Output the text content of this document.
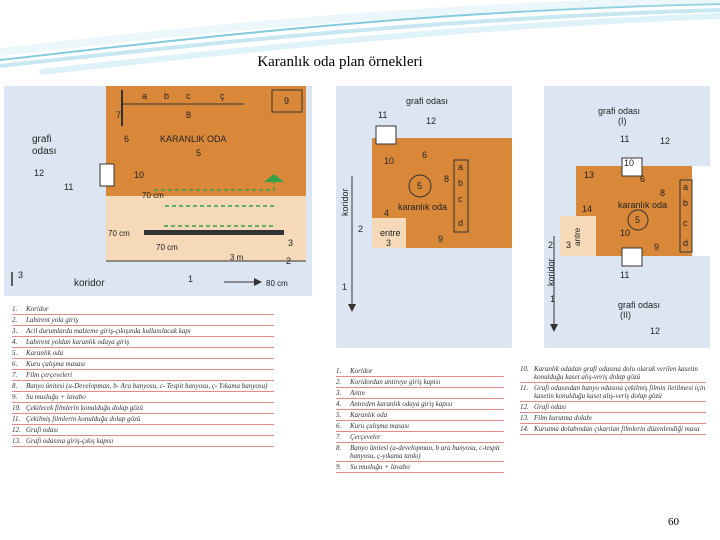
Karanlık oda plan örnekleri
a b c	ç	9
7	8
6	KARANLIK ODA
5
grafi
odası
12	10
11
70 cm
70 cm
70 cm	3
3 m	2
3
koridor	1	80 cm
1.	Koridor
2.	Labirent yola giriş
3.	Acil durumlarda malzeme giriş-çıkışında kullanılacak kapı
4.	Labirent yoldan karanlık odaya giriş
5.	Karanlık oda
6.	Kuru çalışma masası
7.	Film çerçeveleri
8.	Banyo ünitesi (a-Developman, b- Ara banyosu, c- Tespit banyosu, ç- Yıkama banyosu)
9.	Su musluğu + lavabo
10. Çekilecek filmlerin konulduğu dolap gözü
11. Çekilmiş filmlerin konulduğu dolap gözü
12. Grafi odası
13. Grafi odasına giriş-çıkış kapısı
grafi odası
11
12
10
6
8
5
a
b
c
d
karanlık oda
4
entre
3	9
2
koridor
1
1.	Koridor
2.	Koridordan antireye giriş kapısı
3.	Antre
4.	Antreden karanlık odaya giriş kapısı
5.	Karanlık oda
6.	Kuru çalışma masası
7.	Çerçeveler
8.	Banyo ünitesi (a-developman, b ara banyosu, c-tespit banyosu, ç-yıkama tankı)
9.	Su musluğu + lavabo
grafi odası
(I)
11	12
13
10
6
8
a
b
c
d
14	karanlık oda
5
3	9
2 antre	10
11
koridor
1
grafi odası
(II)
12
10. Karanlık odadan grafi odasına dolu olarak verilen kasetin konulduğu kaset alış-veriş dolap gözü
11. Grafi odasından banyo odasına çekilmiş filmin iletilmesi için kasetin konulduğu kaset alış-veriş dolap gözü
12. Grafi odası
13. Film kurutma dolabı
14. Kurutma dolabından çıkarılan filmlerin düzenlendiği masa
60
